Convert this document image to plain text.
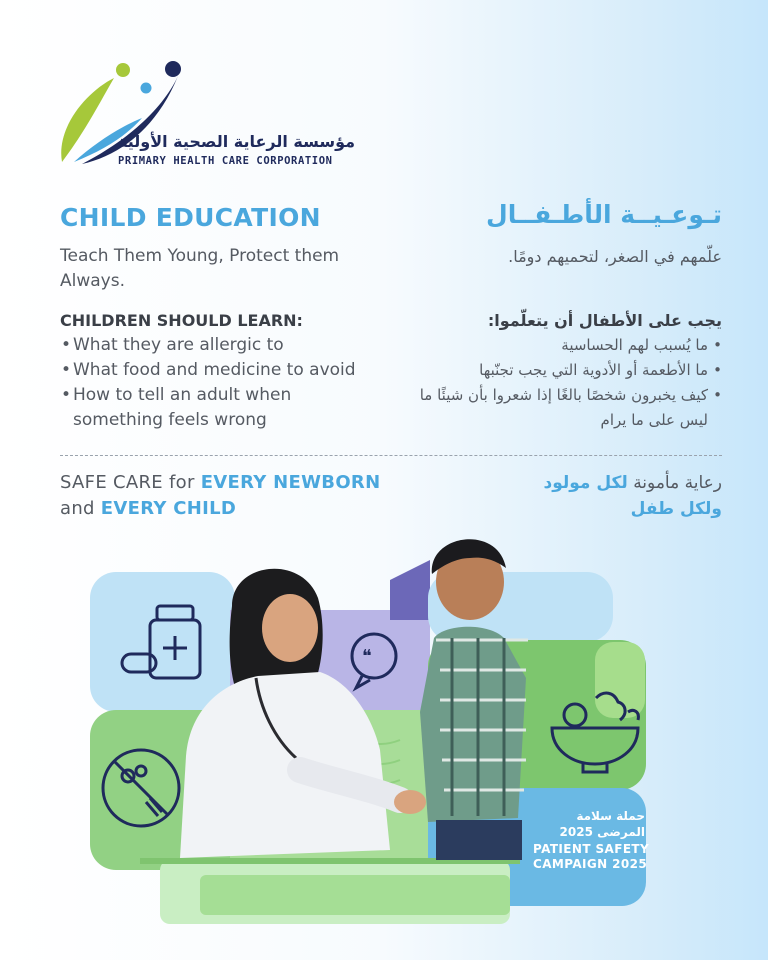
مؤسسة الرعاية الصحية الأولية
PRIMARY HEALTH CARE CORPORATION
CHILD EDUCATION	تـوعـيــة الأطـفــال
Teach Them Young, Protect them Always.
علّمهم في الصغر، لتحميهم دومًا.
CHILDREN SHOULD LEARN:	يجب على الأطفال أن يتعلّموا:
• What they are allergic to
• What food and medicine to avoid
• How to tell an adult when something feels wrong
• ما يُسبب لهم الحساسية
• ما الأطعمة أو الأدوية التي يجب تجنّبها
• كيف يخبرون شخصًا بالغًا إذا شعروا بأن شيئًا ما ليس على ما يرام
SAFE CARE for EVERY NEWBORN
and EVERY CHILD
رعاية مأمونة لكل مولود
ولكل طفل
❝
حملة سلامة
المرضى 2025
PATIENT SAFETY
CAMPAIGN 2025
